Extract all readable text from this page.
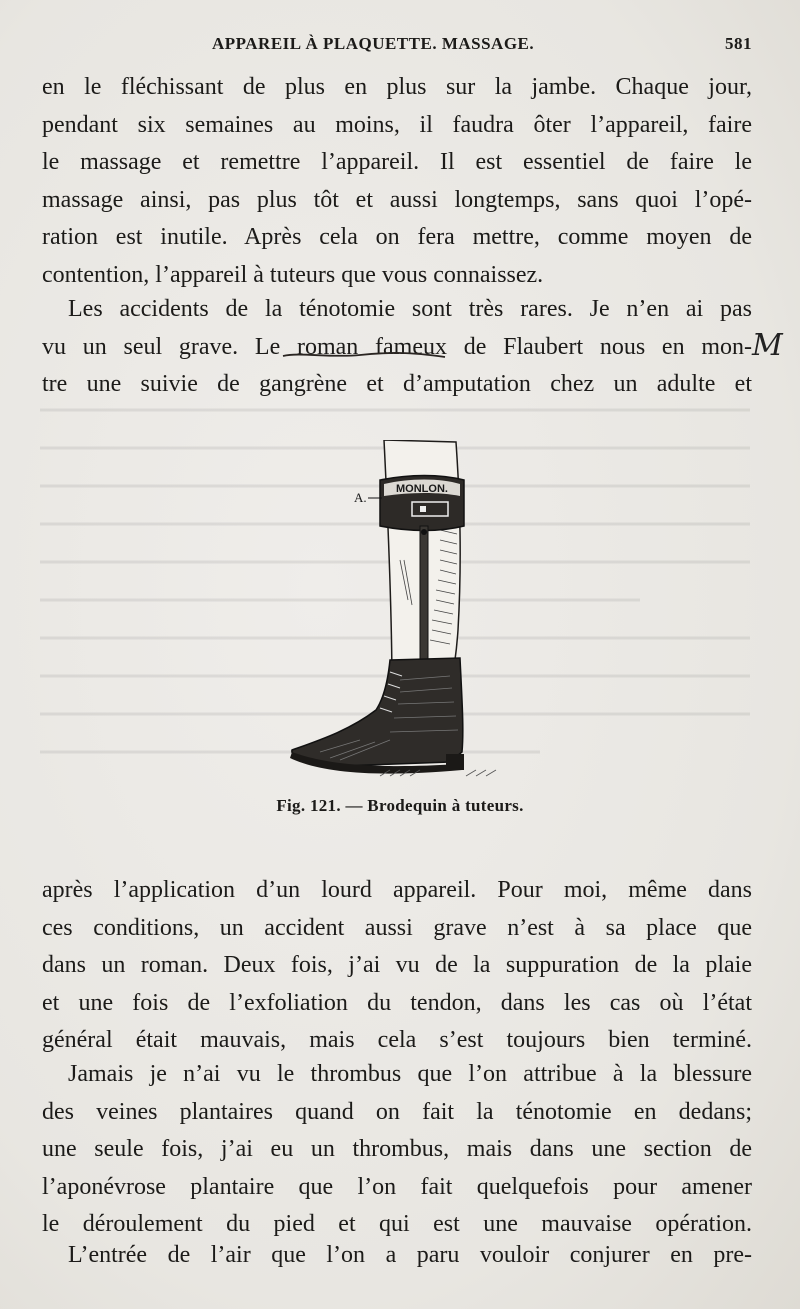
APPAREIL À PLAQUETTE. MASSAGE.	581
en le fléchissant de plus en plus sur la jambe. Chaque jour,
pendant six semaines au moins, il faudra ôter l’appareil, faire
le massage et remettre l’appareil. Il est essentiel de faire le
massage ainsi, pas plus tôt et aussi longtemps, sans quoi l’opé-
ration est inutile. Après cela on fera mettre, comme moyen de
contention, l’appareil à tuteurs que vous connaissez.
Les accidents de la ténotomie sont très rares. Je n’en ai pas
vu un seul grave. Le roman fameux de Flaubert nous en mon-
tre une suivie de gangrène et d’amputation chez un adulte et
M
MONLON.
A.
Fig. 121. — Brodequin à tuteurs.
après l’application d’un lourd appareil. Pour moi, même dans
ces conditions, un accident aussi grave n’est à sa place que
dans un roman. Deux fois, j’ai vu de la suppuration de la plaie
et une fois de l’exfoliation du tendon, dans les cas où l’état
général était mauvais, mais cela s’est toujours bien terminé.
Jamais je n’ai vu le thrombus que l’on attribue à la blessure
des veines plantaires quand on fait la ténotomie en dedans;
une seule fois, j’ai eu un thrombus, mais dans une section de
l’aponévrose plantaire que l’on fait quelquefois pour amener
le déroulement du pied et qui est une mauvaise opération.
L’entrée de l’air que l’on a paru vouloir conjurer en pre-
